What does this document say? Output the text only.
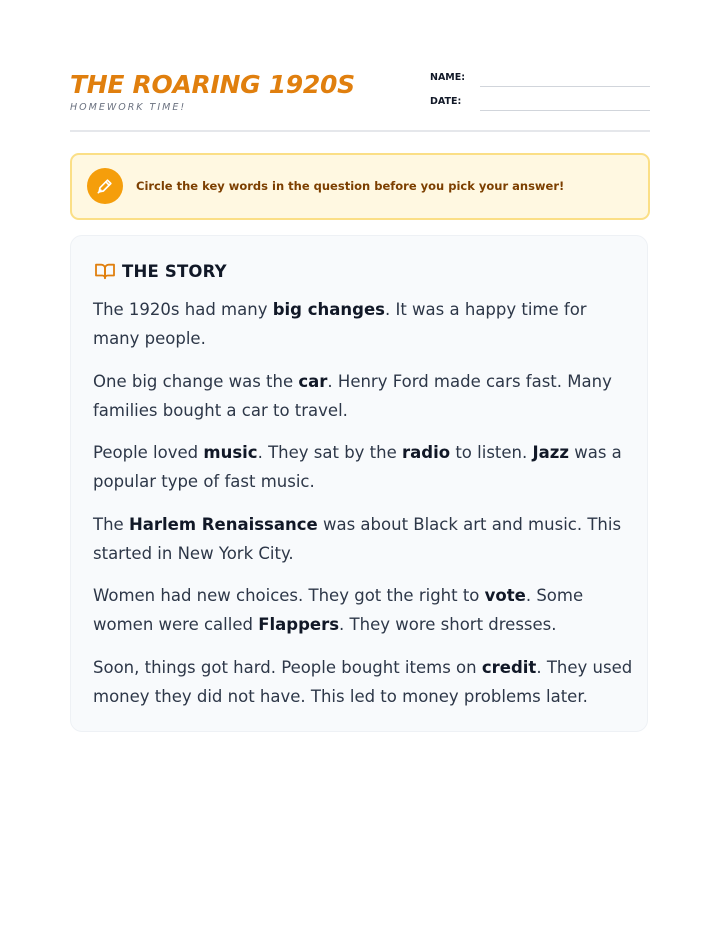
THE ROARING 1920S
HOMEWORK TIME!
NAME:
DATE:
Circle the key words in the question before you pick your answer!
THE STORY

The 1920s had many big changes. It was a happy time for many people.

One big change was the car. Henry Ford made cars fast. Many families bought a car to travel.

People loved music. They sat by the radio to listen. Jazz was a popular type of fast music.

The Harlem Renaissance was about Black art and music. This started in New York City.

Women had new choices. They got the right to vote. Some women were called Flappers. They wore short dresses.

Soon, things got hard. People bought items on credit. They used money they did not have. This led to money problems later.
